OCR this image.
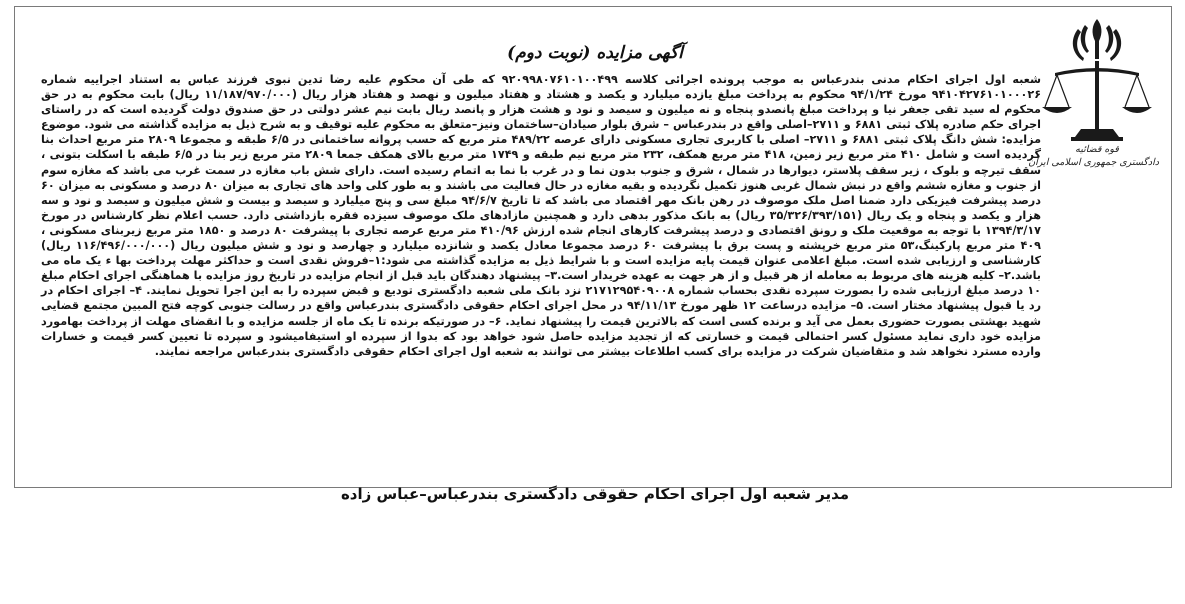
آگهی مزایده (نوبت دوم)
قوه قضائیه
دادگستری جمهوری اسلامی ایران
شعبه اول اجرای احکام مدنی بندرعباس به موجب پرونده اجرائی کلاسه ۹۲۰۹۹۸۰۷۶۱۰۱۰۰۴۹۹ که طی آن محکوم علیه رضا تدین نبوی فرزند عباس به استناد اجراییه شماره ۹۴۱۰۴۲۷۶۱۰۱۰۰۰۲۶ مورخ ۹۴/۱/۲۴ محکوم به پرداخت مبلغ یازده میلیارد و یکصد و هشتاد و هفتاد میلیون و نهصد و هفتاد هزار ریال (۱۱/۱۸۷/۹۷۰/۰۰۰ ریال) بابت محکوم به در حق محکوم له سید تقی جعفر نیا و پرداخت مبلغ پانصدو پنجاه و نه میلیون و سیصد و نود و هشت هزار و پانصد ریال بابت نیم عشر دولتی در حق صندوق دولت گردیده است که در راستای اجرای حکم صادره پلاک ثبتی ۶۸۸۱ و ۲۷۱۱–اصلی واقع در بندرعباس – شرق بلوار صیادان–ساختمان ونیز–متعلق به محکوم علیه توقیف و به شرح ذیل به مزایده گذاشته می شود. موضوع مزایده: شش دانگ پلاک ثبتی ۶۸۸۱ و ۲۷۱۱– اصلی با کاربری تجاری مسکونی دارای عرصه ۴۸۹/۲۲ متر مربع که حسب پروانه ساختمانی در ۶/۵ طبقه و مجموعا ۲۸۰۹ متر مربع احداث بنا گردیده است و شامل ۴۱۰ متر مربع زیر زمین، ۴۱۸ متر مربع همکف، ۲۳۲ متر مربع نیم طبقه و ۱۷۴۹ متر مربع بالای همکف جمعا ۲۸۰۹ متر مربع زیر بنا در ۶/۵ طبقه با اسکلت بتونی ، سقف تیرچه و بلوک ، زیر سقف پلاستر، دیوارها در شمال ، شرق و جنوب بدون نما و در غرب با نما به اتمام رسیده است. دارای شش باب مغازه در سمت غرب می باشد که مغازه سوم از جنوب و مغازه ششم واقع در نبش شمال غربی هنوز تکمیل نگردیده و بقیه مغازه در حال فعالیت می باشند و به طور کلی واحد های تجاری به میزان ۸۰ درصد و مسکونی به میزان ۶۰ درصد پیشرفت فیزیکی دارد ضمنا اصل ملک موصوف در رهن بانک مهر اقتصاد می باشد که تا تاریخ ۹۴/۶/۷ مبلغ سی و پنج میلیارد و سیصد و بیست و شش میلیون و سیصد و نود و سه هزار و یکصد و پنجاه و یک ریال (۳۵/۳۲۶/۳۹۳/۱۵۱ ریال) به بانک مذکور بدهی دارد و همچنین مازادهای ملک موصوف سیزده فقره بازداشتی دارد. حسب اعلام نظر کارشناس در مورخ ۱۳۹۴/۳/۱۷ با توجه به موقعیت ملک و رونق اقتصادی و درصد پیشرفت کارهای انجام شده ارزش ۴۱۰/۹۶ متر مربع عرصه تجاری با پیشرفت ۸۰ درصد و ۱۸۵۰ متر مربع زیربنای مسکونی ، ۴۰۹ متر مربع پارکینگ،۵۳ متر مربع خرپشته و پست برق با پیشرفت ۶۰ درصد مجموعا معادل یکصد و شانزده میلیارد و چهارصد و نود و شش میلیون ریال (۱۱۶/۴۹۶/۰۰۰/۰۰۰ ریال) کارشناسی و ارزیابی شده است. مبلغ اعلامی عنوان قیمت پایه مزایده است و با شرایط ذیل به مزایده گذاشته می شود:۱–فروش نقدی است و حداکثر مهلت پرداخت بها ء یک ماه می باشد.۲– کلیه هزینه های مربوط به معامله از هر قبیل و از هر جهت به عهده خریدار است.۳– پیشنهاد دهندگان باید قبل از انجام مزایده در تاریخ روز مزایده با هماهنگی اجرای احکام مبلغ ۱۰ درصد مبلغ ارزیابی شده را بصورت سپرده نقدی بحساب شماره ۲۱۷۱۲۹۵۴۰۹۰۰۸ نزد بانک ملی شعبه دادگستری تودیع و قبض سپرده را به این اجرا تحویل نمایند. ۴– اجرای احکام در رد یا قبول پیشنهاد مختار است. ۵– مزایده درساعت ۱۲ ظهر مورخ ۹۴/۱۱/۱۳ در محل اجرای احکام حقوقی دادگستری بندرعباس واقع در رسالت جنوبی کوچه فتح المبین مجتمع قضایی شهید بهشتی بصورت حضوری بعمل می آید و برنده کسی است که بالاترین قیمت را پیشنهاد نماید. ۶– در صورتیکه برنده تا یک ماه از جلسه مزایده و با انقضای مهلت از پرداخت بهامورد مزایده خود داری نماید مسئول کسر احتمالی قیمت و خسارتی که از تجدید مزایده حاصل شود خواهد بود که بدوا از سپرده او استیفامیشود و سپرده تا تعیین کسر قیمت و خسارات وارده مسترد نخواهد شد و متقاضیان شرکت در مزایده برای کسب اطلاعات بیشتر می توانند به شعبه اول اجرای احکام حقوقی دادگستری بندرعباس مراجعه نمایند.
مدیر شعبه اول اجرای احکام حقوقی دادگستری بندرعباس–عباس زاده
